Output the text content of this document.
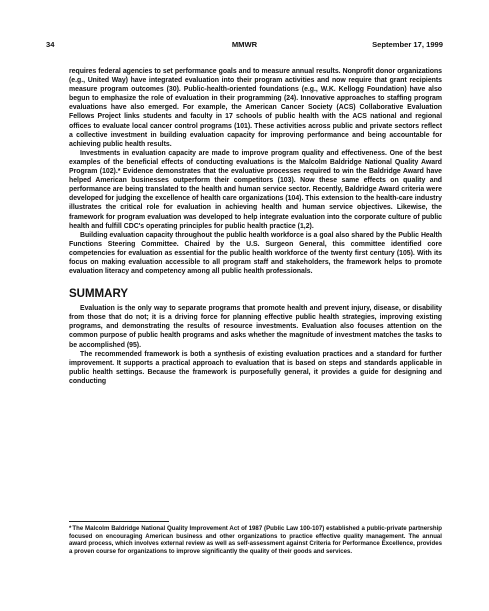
34	MMWR	September 17, 1999

requires federal agencies to set performance goals and to measure annual results. Nonprofit donor organizations (e.g., United Way) have integrated evaluation into their program activities and now require that grant recipients measure program outcomes (30). Public-health-oriented foundations (e.g., W.K. Kellogg Foundation) have also begun to emphasize the role of evaluation in their programming (24). Innovative approaches to staffing program evaluations have also emerged. For example, the American Cancer Society (ACS) Collaborative Evaluation Fellows Project links students and faculty in 17 schools of public health with the ACS national and regional offices to evaluate local cancer control programs (101). These activities across public and private sectors reflect a collective investment in building evaluation capacity for improving performance and being accountable for achieving public health results.

Investments in evaluation capacity are made to improve program quality and effectiveness. One of the best examples of the beneficial effects of conducting evaluations is the Malcolm Baldridge National Quality Award Program (102).* Evidence demonstrates that the evaluative processes required to win the Baldridge Award have helped American businesses outperform their competitors (103). Now these same effects on quality and performance are being translated to the health and human service sector. Recently, Baldridge Award criteria were developed for judging the excellence of health care organizations (104). This extension to the health-care industry illustrates the critical role for evaluation in achieving health and human service objectives. Likewise, the framework for program evaluation was developed to help integrate evaluation into the corporate culture of public health and fulfill CDC's operating principles for public health practice (1,2).

Building evaluation capacity throughout the public health workforce is a goal also shared by the Public Health Functions Steering Committee. Chaired by the U.S. Surgeon General, this committee identified core competencies for evaluation as essential for the public health workforce of the twenty first century (105). With its focus on making evaluation accessible to all program staff and stakeholders, the framework helps to promote evaluation literacy and competency among all public health professionals.

SUMMARY

Evaluation is the only way to separate programs that promote health and prevent injury, disease, or disability from those that do not; it is a driving force for planning effective public health strategies, improving existing programs, and demonstrating the results of resource investments. Evaluation also focuses attention on the common purpose of public health programs and asks whether the magnitude of investment matches the tasks to be accomplished (95).

The recommended framework is both a synthesis of existing evaluation practices and a standard for further improvement. It supports a practical approach to evaluation that is based on steps and standards applicable in public health settings. Because the framework is purposefully general, it provides a guide for designing and conducting

*The Malcolm Baldridge National Quality Improvement Act of 1987 (Public Law 100-107) established a public-private partnership focused on encouraging American business and other organizations to practice effective quality management. The annual award process, which involves external review as well as self-assessment against Criteria for Performance Excellence, provides a proven course for organizations to improve significantly the quality of their goods and services.
